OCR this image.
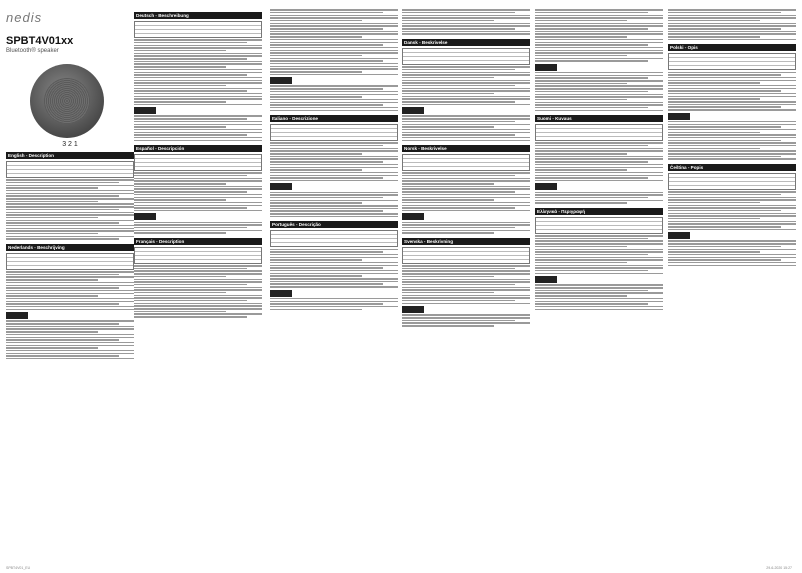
nedis
SPBT4V01xx
Bluetooth® speaker
3 2 1
English - Description
Nederlands - Beschrijving
Deutsch - Beschreibung
Español - Descripción
Français - Description
Italiano - Descrizione
Português - Descrição
Dansk - Beskrivelse
Norsk - Beskrivelse
Svenska - Beskrivning
Suomi - Kuvaus
Ελληνικά - Περιγραφή
Polski - Opis
Čeština - Popis
SPBT4V01_EU	29-6-2020 15:27
